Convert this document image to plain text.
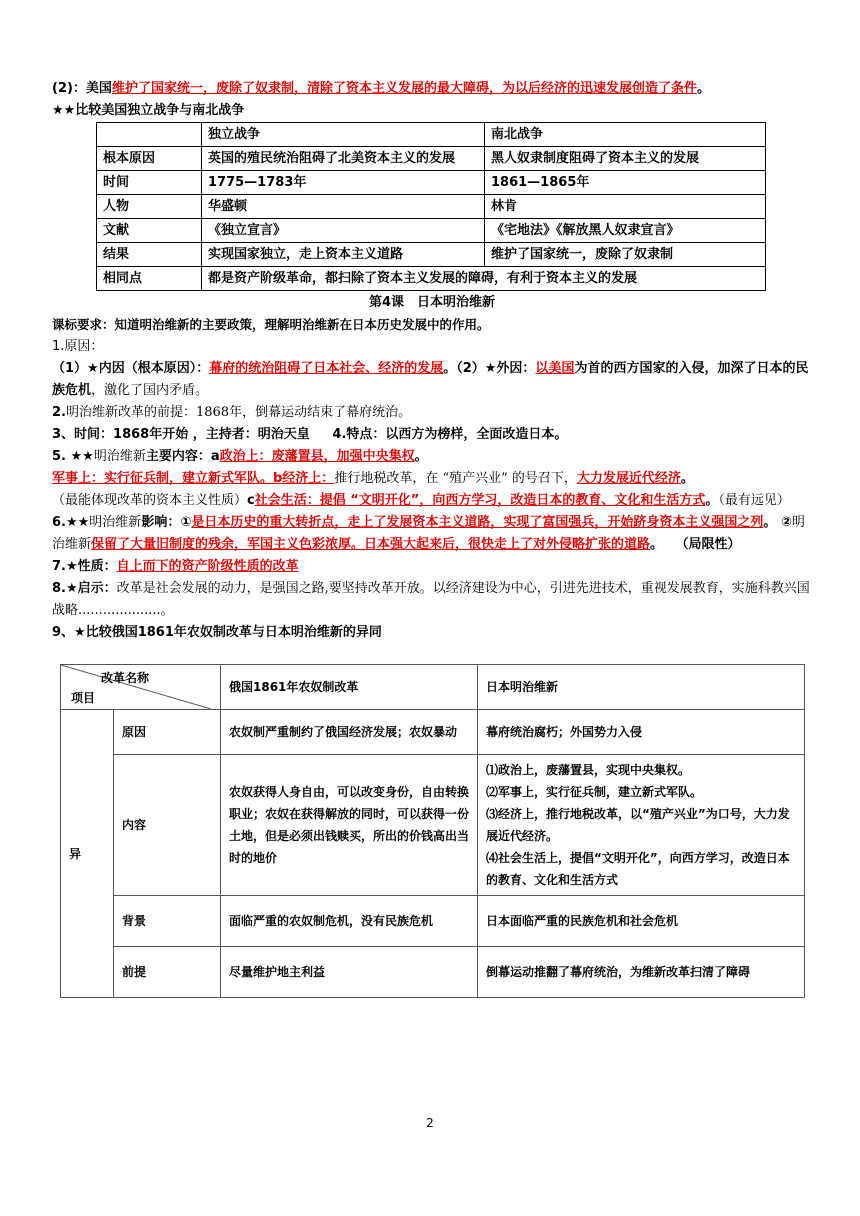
(2)：美国维护了国家统一，废除了奴隶制，清除了资本主义发展的最大障碍，为以后经济的迅速发展创造了条件。
★★比较美国独立战争与南北战争
	独立战争	南北战争
根本原因	英国的殖民统治阻碍了北美资本主义的发展	黑人奴隶制度阻碍了资本主义的发展
时间	1775—1783年	1861—1865年
人物	华盛顿	林肯
文献	《独立宣言》	《宅地法》《解放黑人奴隶宣言》
结果	实现国家独立，走上资本主义道路	维护了国家统一，废除了奴隶制
相同点	都是资产阶级革命，都扫除了资本主义发展的障碍，有利于资本主义的发展	
第4课　日本明治维新
课标要求：知道明治维新的主要政策，理解明治维新在日本历史发展中的作用。
1.原因：
（1）★内因（根本原因）：幕府的统治阻碍了日本社会、经济的发展。（2）★外因：以美国为首的西方国家的入侵，加深了日本的民族危机，激化了国内矛盾。
2.明治维新改革的前提：1868年，倒幕运动结束了幕府统治。
3、时间：1868年开始 ，主持者：明治天皇 4.特点：以西方为榜样，全面改造日本。
5. ★★明治维新主要内容：a政治上：废藩置县，加强中央集权。
军事上：实行征兵制，建立新式军队。b经济上：推行地税改革，在 “殖产兴业” 的号召下，大力发展近代经济。
（最能体现改革的资本主义性质）c社会生活：提倡 “文明开化”，向西方学习，改造日本的教育、文化和生活方式。（最有远见）
6.★★明治维新影响：①是日本历史的重大转折点，走上了发展资本主义道路，实现了富国强兵，开始跻身资本主义强国之列。 ②明治维新保留了大量旧制度的残余，军国主义色彩浓厚。日本强大起来后，很快走上了对外侵略扩张的道路。 （局限性）
7.★性质：自上而下的资产阶级性质的改革
8.★启示：改革是社会发展的动力，是强国之路,要坚持改革开放。以经济建设为中心，引进先进技术，重视发展教育，实施科教兴国战略....................。
9、★比较俄国1861年农奴制改革与日本明治维新的异同
改革名称
项目		俄国1861年农奴制改革	日本明治维新
异	原因	农奴制严重制约了俄国经济发展；农奴暴动	幕府统治腐朽；外国势力入侵
	内容	农奴获得人身自由，可以改变身份，自由转换职业；农奴在获得解放的同时，可以获得一份土地，但是必须出钱赎买，所出的价钱高出当时的地价	⑴政治上，废藩置县，实现中央集权。
⑵军事上，实行征兵制，建立新式军队。
⑶经济上，推行地税改革，以“殖产兴业”为口号，大力发展近代经济。
⑷社会生活上，提倡“文明开化”，向西方学习，改造日本的教育、文化和生活方式

	背景	面临严重的农奴制危机，没有民族危机	日本面临严重的民族危机和社会危机
	前提	尽量维护地主利益	倒幕运动推翻了幕府统治，为维新改革扫清了障碍
2
